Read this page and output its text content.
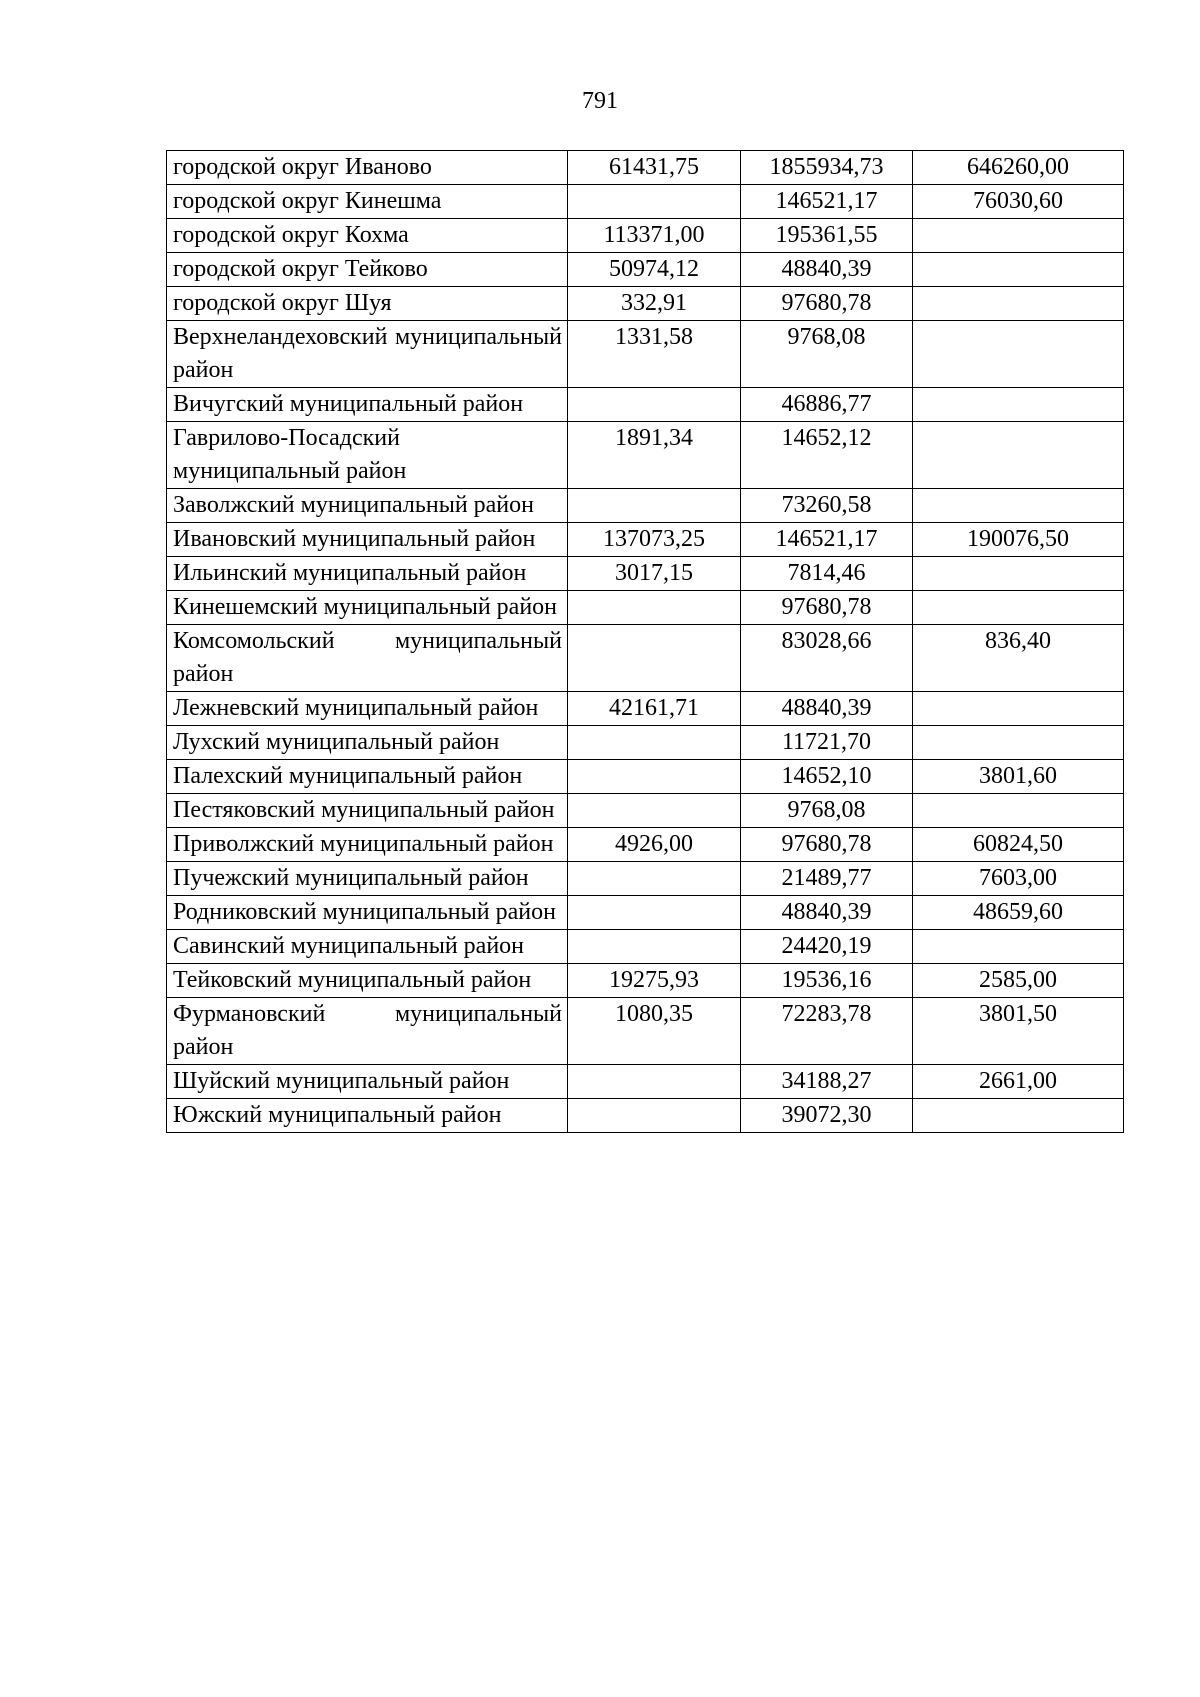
791
городской округ Иваново	61431,75	1855934,73	646260,00
городской округ Кинешма		146521,17	76030,60
городской округ Кохма	113371,00	195361,55	
городской округ Тейково	50974,12	48840,39	
городской округ Шуя	332,91	97680,78	
Верхнеландеховский муниципальный район	1331,58	9768,08	
Вичугский муниципальный район		46886,77	
Гаврилово-Посадский муниципальный район	1891,34	14652,12	
Заволжский муниципальный район		73260,58	
Ивановский муниципальный район	137073,25	146521,17	190076,50
Ильинский муниципальный район	3017,15	7814,46	
Кинешемский муниципальный район		97680,78	
Комсомольский муниципальный район		83028,66	836,40
Лежневский муниципальный район	42161,71	48840,39	
Лухский муниципальный район		11721,70	
Палехский муниципальный район		14652,10	3801,60
Пестяковский муниципальный район		9768,08	
Приволжский муниципальный район	4926,00	97680,78	60824,50
Пучежский муниципальный район		21489,77	7603,00
Родниковский муниципальный район		48840,39	48659,60
Савинский муниципальный район		24420,19	
Тейковский муниципальный район	19275,93	19536,16	2585,00
Фурмановский муниципальный район	1080,35	72283,78	3801,50
Шуйский муниципальный район		34188,27	2661,00
Южский муниципальный район		39072,30	
